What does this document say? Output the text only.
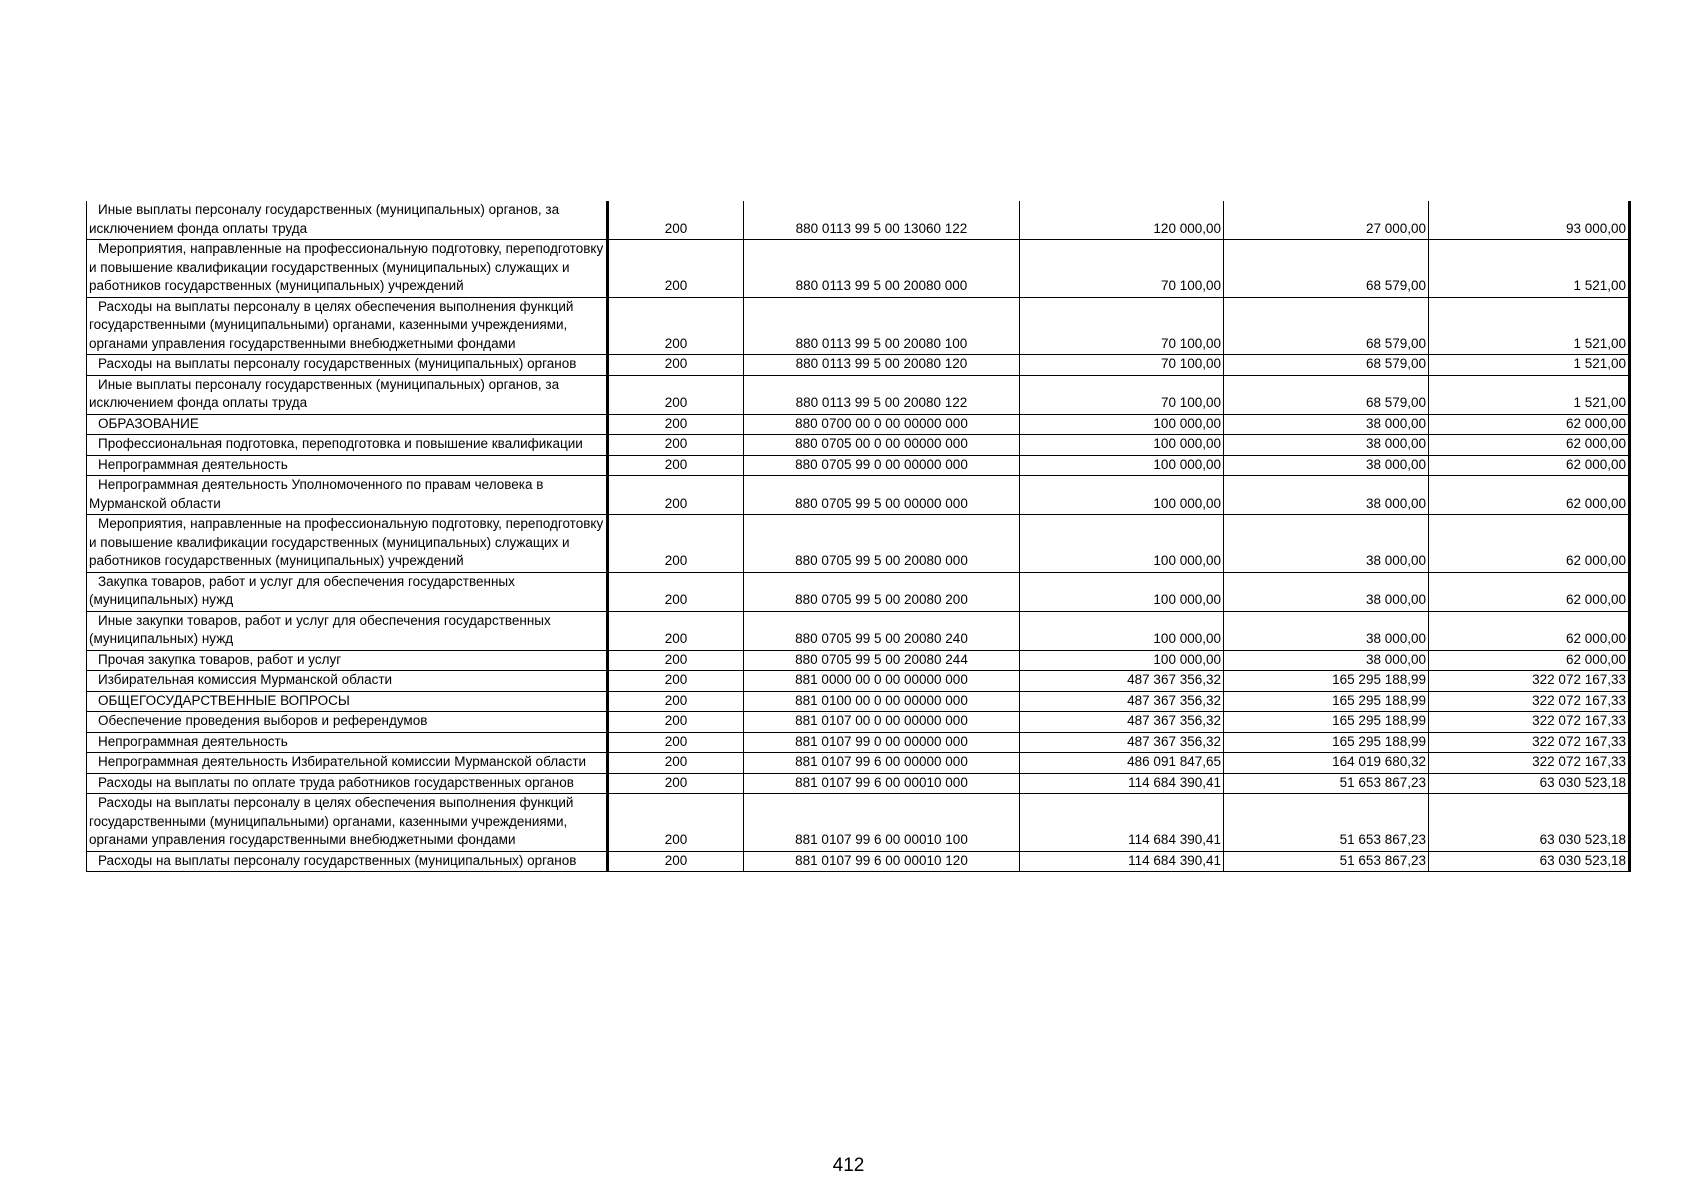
Иные выплаты персоналу государственных (муниципальных) органов, за исключением фонда оплаты труда	200	880 0113 99 5 00 13060 122	120 000,00	27 000,00	93 000,00

Мероприятия, направленные на профессиональную подготовку, переподготовку и повышение квалификации государственных (муниципальных) служащих и работников государственных (муниципальных) учреждений	200	880 0113 99 5 00 20080 000	70 100,00	68 579,00	1 521,00

Расходы на выплаты персоналу в целях обеспечения выполнения функций государственными (муниципальными) органами, казенными учреждениями, органами управления государственными внебюджетными фондами	200	880 0113 99 5 00 20080 100	70 100,00	68 579,00	1 521,00

Расходы на выплаты персоналу государственных (муниципальных) органов	200	880 0113 99 5 00 20080 120	70 100,00	68 579,00	1 521,00

Иные выплаты персоналу государственных (муниципальных) органов, за исключением фонда оплаты труда	200	880 0113 99 5 00 20080 122	70 100,00	68 579,00	1 521,00

ОБРАЗОВАНИЕ	200	880 0700 00 0 00 00000 000	100 000,00	38 000,00	62 000,00

Профессиональная подготовка, переподготовка и повышение квалификации	200	880 0705 00 0 00 00000 000	100 000,00	38 000,00	62 000,00

Непрограммная деятельность	200	880 0705 99 0 00 00000 000	100 000,00	38 000,00	62 000,00

Непрограммная деятельность Уполномоченного по правам человека в Мурманской области	200	880 0705 99 5 00 00000 000	100 000,00	38 000,00	62 000,00

Мероприятия, направленные на профессиональную подготовку, переподготовку и повышение квалификации государственных (муниципальных) служащих и работников государственных (муниципальных) учреждений	200	880 0705 99 5 00 20080 000	100 000,00	38 000,00	62 000,00

Закупка товаров, работ и услуг для обеспечения государственных (муниципальных) нужд	200	880 0705 99 5 00 20080 200	100 000,00	38 000,00	62 000,00

Иные закупки товаров, работ и услуг для обеспечения государственных (муниципальных) нужд	200	880 0705 99 5 00 20080 240	100 000,00	38 000,00	62 000,00

Прочая закупка товаров, работ и услуг	200	880 0705 99 5 00 20080 244	100 000,00	38 000,00	62 000,00

Избирательная комиссия Мурманской области	200	881 0000 00 0 00 00000 000	487 367 356,32	165 295 188,99	322 072 167,33

ОБЩЕГОСУДАРСТВЕННЫЕ ВОПРОСЫ	200	881 0100 00 0 00 00000 000	487 367 356,32	165 295 188,99	322 072 167,33

Обеспечение проведения выборов и референдумов	200	881 0107 00 0 00 00000 000	487 367 356,32	165 295 188,99	322 072 167,33

Непрограммная деятельность	200	881 0107 99 0 00 00000 000	487 367 356,32	165 295 188,99	322 072 167,33

Непрограммная деятельность Избирательной комиссии Мурманской области	200	881 0107 99 6 00 00000 000	486 091 847,65	164 019 680,32	322 072 167,33

Расходы на выплаты по оплате труда работников государственных органов	200	881 0107 99 6 00 00010 000	114 684 390,41	51 653 867,23	63 030 523,18

Расходы на выплаты персоналу в целях обеспечения выполнения функций государственными (муниципальными) органами, казенными учреждениями, органами управления государственными внебюджетными фондами	200	881 0107 99 6 00 00010 100	114 684 390,41	51 653 867,23	63 030 523,18

Расходы на выплаты персоналу государственных (муниципальных) органов	200	881 0107 99 6 00 00010 120	114 684 390,41	51 653 867,23	63 030 523,18
412
